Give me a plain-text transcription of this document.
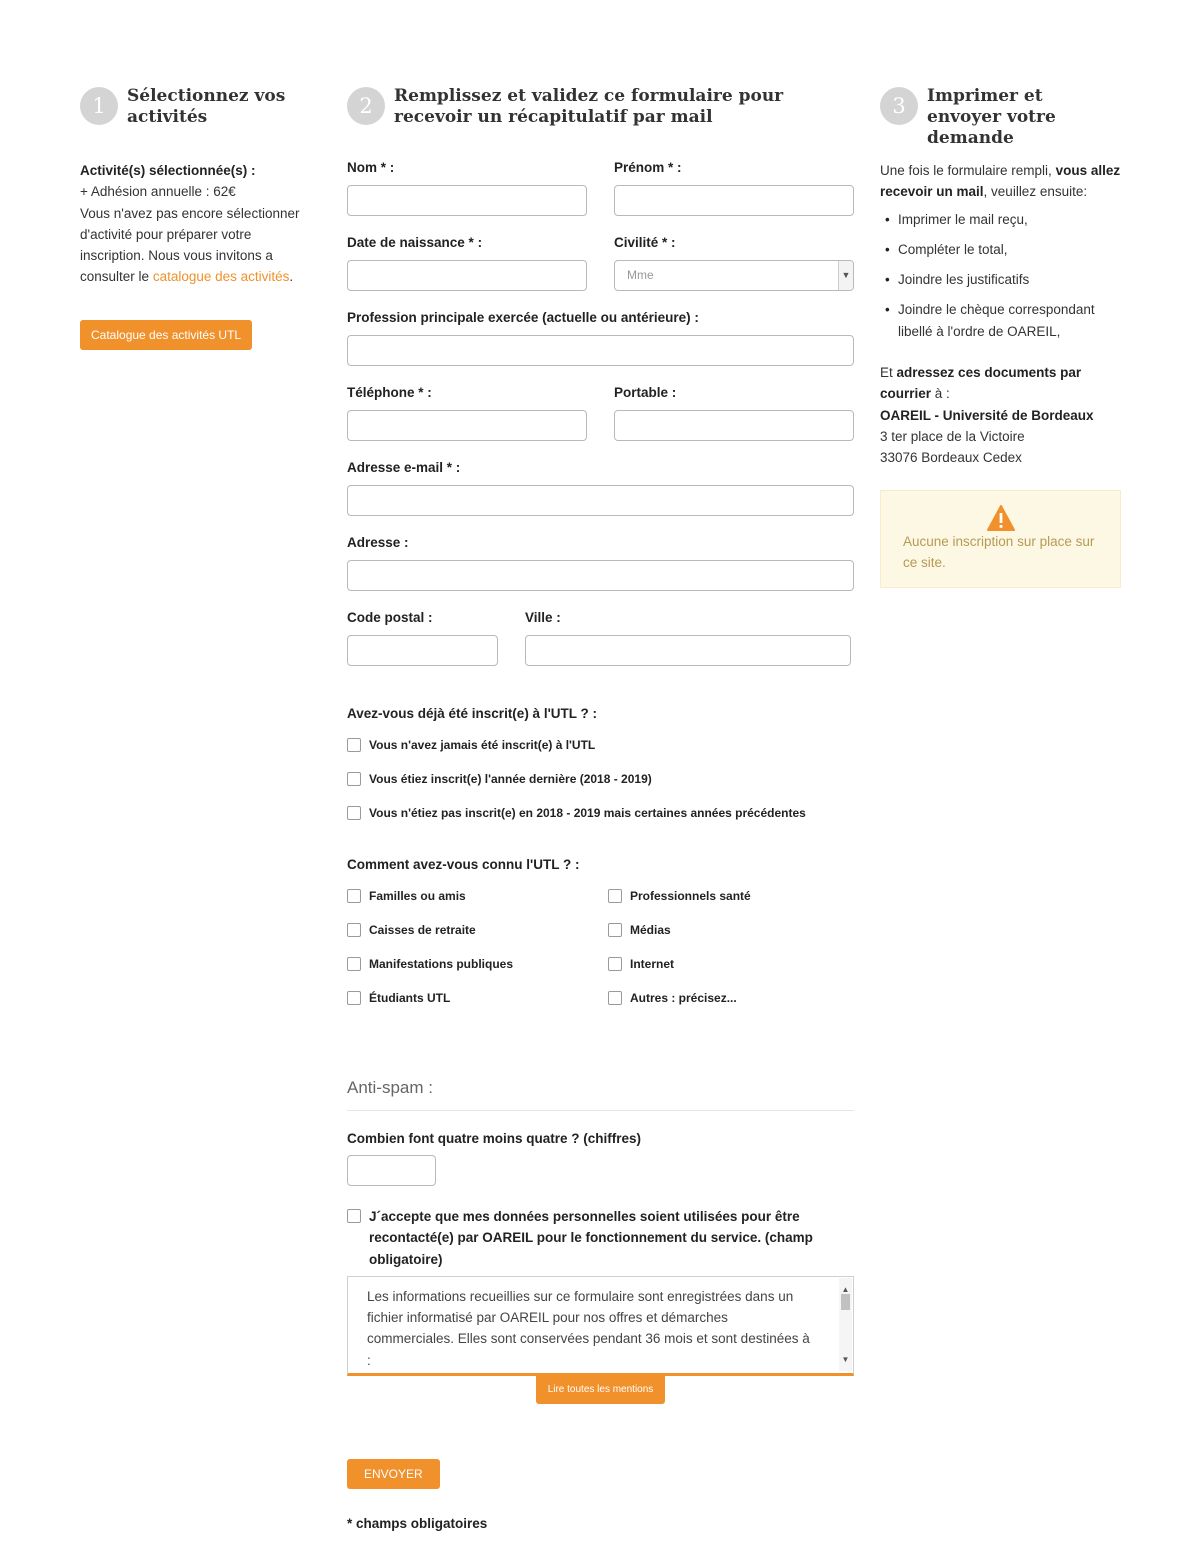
1	Sélectionnez vos activités
Activité(s) sélectionnée(s) :
+ Adhésion annuelle : 62€
Vous n'avez pas encore sélectionner d'activité pour préparer votre inscription. Nous vous invitons a consulter le catalogue des activités.
Catalogue des activités UTL
2	Remplissez et validez ce formulaire pour recevoir un récapitulatif par mail
Nom * :	Prénom * :
Date de naissance * :	Civilité * :
Mme	▼
Profession principale exercée (actuelle ou antérieure) :
Téléphone * :	Portable :
Adresse e-mail * :
Adresse :
Code postal :	Ville :
Avez-vous déjà été inscrit(e) à l'UTL ? :
Vous n'avez jamais été inscrit(e) à l'UTL
Vous étiez inscrit(e) l'année dernière (2018 - 2019)
Vous n'étiez pas inscrit(e) en 2018 - 2019 mais certaines années précédentes
Comment avez-vous connu l'UTL ? :
Familles ou amis	Professionnels santé
Caisses de retraite	Médias
Manifestations publiques	Internet
Étudiants UTL	Autres : précisez...
Anti-spam :
Combien font quatre moins quatre ? (chiffres)
J´accepte que mes données personnelles soient utilisées pour être recontacté(e) par OAREIL pour le fonctionnement du service. (champ obligatoire)
Les informations recueillies sur ce formulaire sont enregistrées dans un fichier informatisé par OAREIL pour nos offres et démarches commerciales. Elles sont conservées pendant 36 mois et sont destinées à :
▲
▼
Lire toutes les mentions
ENVOYER
* champs obligatoires
3	Imprimer et envoyer votre demande
Une fois le formulaire rempli, vous allez recevoir un mail, veuillez ensuite:
• Imprimer le mail reçu,
• Compléter le total,
• Joindre les justificatifs
• Joindre le chèque correspondant libellé à l'ordre de OAREIL,
Et adressez ces documents par courrier à :
OAREIL - Université de Bordeaux
3 ter place de la Victoire
33076 Bordeaux Cedex
Aucune inscription sur place sur ce site.
